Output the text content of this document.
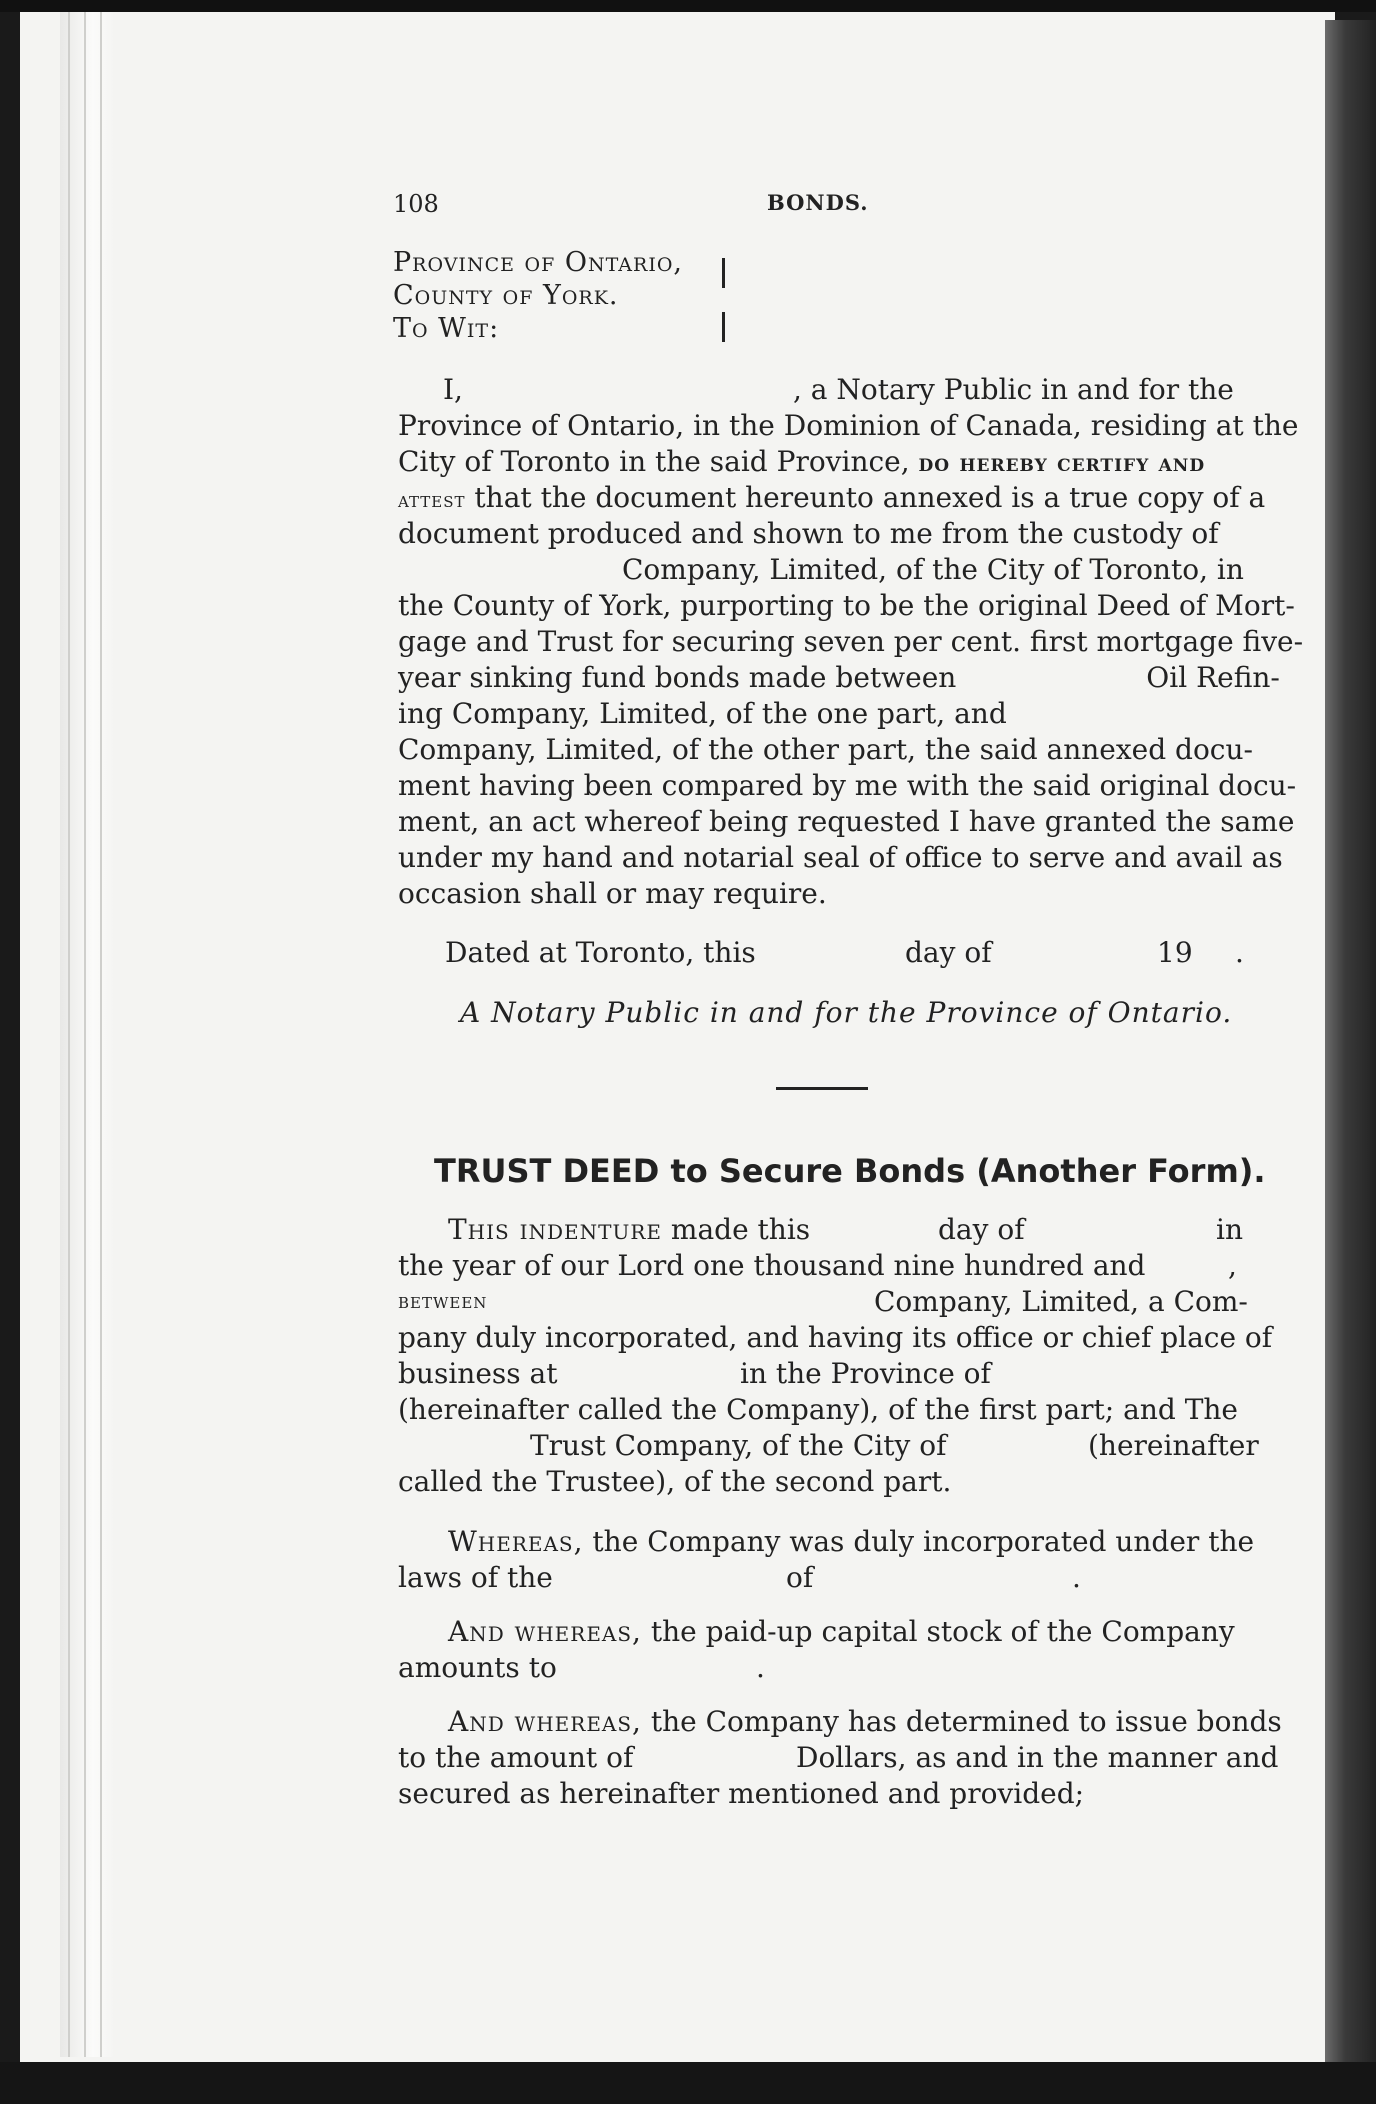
108	BONDS.
Province of Ontario,
County of York.
To Wit:
I,	, a Notary Public in and for the
Province of Ontario, in the Dominion of Canada, residing at the
City of Toronto in the said Province, do hereby certify and
attest that the document hereunto annexed is a true copy of a
document produced and shown to me from the custody of
Company, Limited, of the City of Toronto, in
the County of York, purporting to be the original Deed of Mort-
gage and Trust for securing seven per cent. first mortgage five-
year sinking fund bonds made between	Oil Refin-
ing Company, Limited, of the one part, and
Company, Limited, of the other part, the said annexed docu-
ment having been compared by me with the said original docu-
ment, an act whereof being requested I have granted the same
under my hand and notarial seal of office to serve and avail as
occasion shall or may require.
Dated at Toronto, this	day of	19 .
A Notary Public in and for the Province of Ontario.
TRUST DEED to Secure Bonds (Another Form).
This indenture made this	day of	in
the year of our Lord one thousand nine hundred and	,
between	Company, Limited, a Com-
pany duly incorporated, and having its office or chief place of
business at	in the Province of
(hereinafter called the Company), of the first part; and The
Trust Company, of the City of	(hereinafter
called the Trustee), of the second part.
Whereas, the Company was duly incorporated under the
laws of the	of	.
And whereas, the paid-up capital stock of the Company
amounts to	.
And whereas, the Company has determined to issue bonds
to the amount of	Dollars, as and in the manner and
secured as hereinafter mentioned and provided;
